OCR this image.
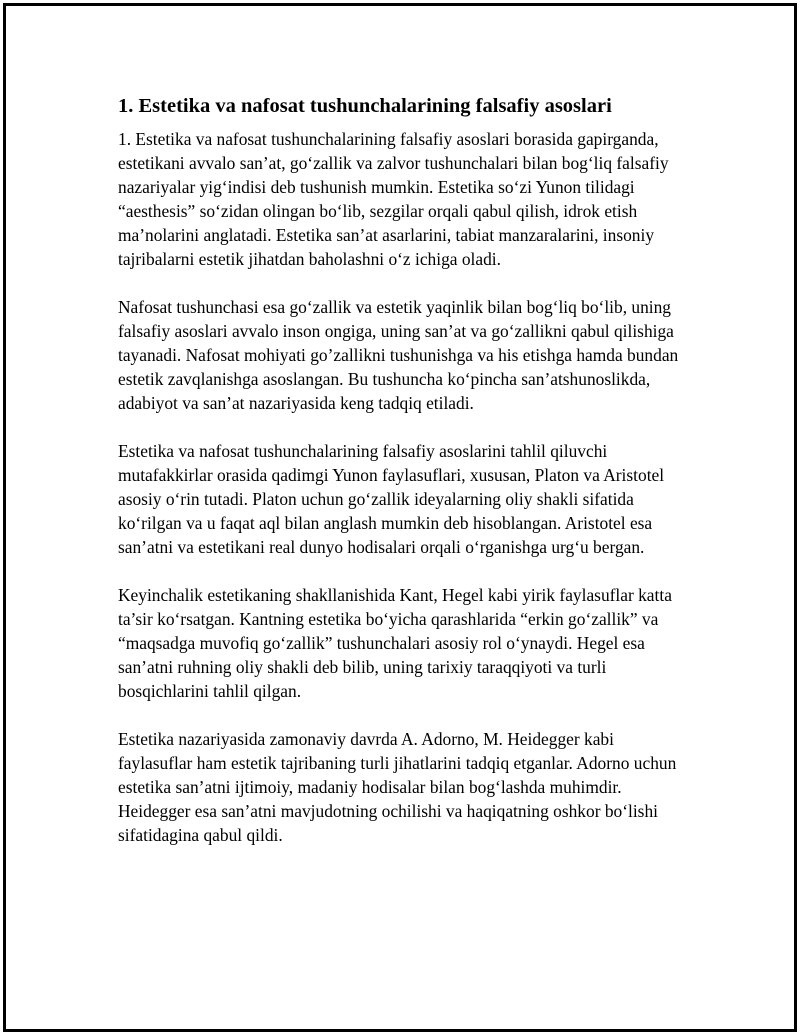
1. Estetika va nafosat tushunchalarining falsafiy asoslari

1. Estetika va nafosat tushunchalarining falsafiy asoslari borasida gapirganda, estetikani avvalo san’at, go‘zallik va zalvor tushunchalari bilan bog‘liq falsafiy nazariyalar yig‘indisi deb tushunish mumkin. Estetika so‘zi Yunon tilidagi “aesthesis” so‘zidan olingan bo‘lib, sezgilar orqali qabul qilish, idrok etish ma’nolarini anglatadi. Estetika san’at asarlarini, tabiat manzaralarini, insoniy tajribalarni estetik jihatdan baholashni o‘z ichiga oladi.

Nafosat tushunchasi esa go‘zallik va estetik yaqinlik bilan bog‘liq bo‘lib, uning falsafiy asoslari avvalo inson ongiga, uning san’at va go‘zallikni qabul qilishiga tayanadi. Nafosat mohiyati go’zallikni tushunishga va his etishga hamda bundan estetik zavqlanishga asoslangan. Bu tushuncha ko‘pincha san’atshunoslikda, adabiyot va san’at nazariyasida keng tadqiq etiladi.

Estetika va nafosat tushunchalarining falsafiy asoslarini tahlil qiluvchi mutafakkirlar orasida qadimgi Yunon faylasuflari, xususan, Platon va Aristotel asosiy o‘rin tutadi. Platon uchun go‘zallik ideyalarning oliy shakli sifatida ko‘rilgan va u faqat aql bilan anglash mumkin deb hisoblangan. Aristotel esa san’atni va estetikani real dunyo hodisalari orqali o‘rganishga urg‘u bergan.

Keyinchalik estetikaning shakllanishida Kant, Hegel kabi yirik faylasuflar katta ta’sir ko‘rsatgan. Kantning estetika bo‘yicha qarashlarida “erkin go‘zallik” va “maqsadga muvofiq go‘zallik” tushunchalari asosiy rol o‘ynaydi. Hegel esa san’atni ruhning oliy shakli deb bilib, uning tarixiy taraqqiyoti va turli bosqichlarini tahlil qilgan.

Estetika nazariyasida zamonaviy davrda A. Adorno, M. Heidegger kabi faylasuflar ham estetik tajribaning turli jihatlarini tadqiq etganlar. Adorno uchun estetika san’atni ijtimoiy, madaniy hodisalar bilan bog‘lashda muhimdir. Heidegger esa san’atni mavjudotning ochilishi va haqiqatning oshkor bo‘lishi sifatidagina qabul qildi.
